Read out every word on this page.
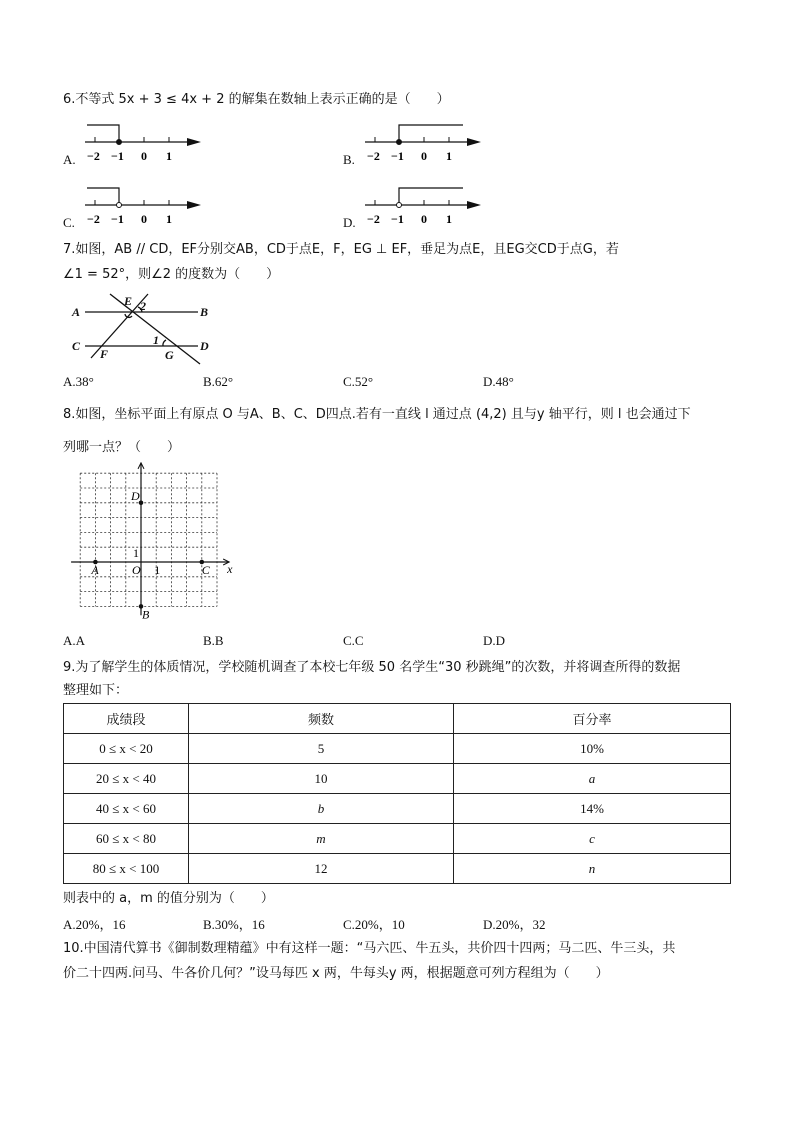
6.不等式 5x + 3 ≤ 4x + 2 的解集在数轴上表示正确的是（　　）
A.	B.
C.	D.
−2 −1 0 1	−2 −1 0 1
−2 −1 0 1	−2 −1 0 1
7.如图，AB // CD，EF分别交AB，CD于点E，F，EG ⊥ EF，垂足为点E，且EG交CD于点G，若
∠1 = 52°，则∠2 的度数为（　　）
A	B
C	D
E 2
F	G
1
A.38°	B.62°	C.52°	D.48°
8.如图，坐标平面上有原点 O 与A、B、C、D四点.若有一直线 l 通过点 (4,2) 且与y 轴平行，则 l 也会通过下
列哪一点？（　　）
A	C
D
B
O 1
1
x
A.A	B.B	C.C	D.D
9.为了解学生的体质情况，学校随机调查了本校七年级 50 名学生“30 秒跳绳”的次数，并将调查所得的数据
整理如下：
成绩段	频数	百分率
0 ≤ x < 20	5	10%
20 ≤ x < 40	10	a
40 ≤ x < 60	b	14%
60 ≤ x < 80	m	c
80 ≤ x < 100	12	n
则表中的 a，m 的值分别为（　　）
A.20%，16	B.30%，16	C.20%，10	D.20%，32
10.中国清代算书《御制数理精蕴》中有这样一题：“马六匹、牛五头，共价四十四两；马二匹、牛三头，共
价二十四两.问马、牛各价几何？”设马每匹 x 两，牛每头y 两，根据题意可列方程组为（　　）
